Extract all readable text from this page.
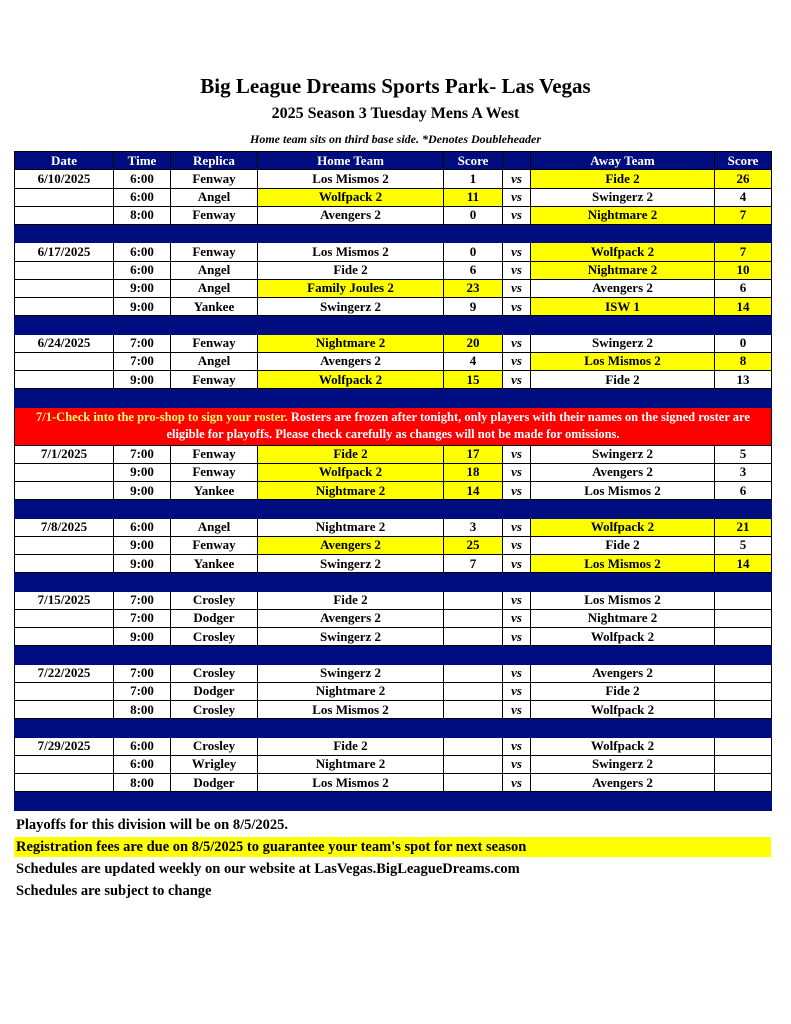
Big League Dreams Sports Park- Las Vegas
2025 Season 3 Tuesday Mens A West
Home team sits on third base side. *Denotes Doubleheader
Date	Time	Replica	Home Team	Score		Away Team	Score
6/10/2025	6:00	Fenway	Los Mismos 2	1	vs	Fide 2	26
	6:00	Angel	Wolfpack 2	11	vs	Swingerz 2	4
	8:00	Fenway	Avengers 2	0	vs	Nightmare 2	7

6/17/2025	6:00	Fenway	Los Mismos 2	0	vs	Wolfpack 2	7
	6:00	Angel	Fide 2	6	vs	Nightmare 2	10
	9:00	Angel	Family Joules 2	23	vs	Avengers 2	6
	9:00	Yankee	Swingerz 2	9	vs	ISW 1	14

6/24/2025	7:00	Fenway	Nightmare 2	20	vs	Swingerz 2	0
	7:00	Angel	Avengers 2	4	vs	Los Mismos 2	8
	9:00	Fenway	Wolfpack 2	15	vs	Fide 2	13

7/1-Check into the pro-shop to sign your roster. Rosters are frozen after tonight, only players with their names on the signed roster are eligible for playoffs. Please check carefully as changes will not be made for omissions.							
7/1/2025	7:00	Fenway	Fide 2	17	vs	Swingerz 2	5
	9:00	Fenway	Wolfpack 2	18	vs	Avengers 2	3
	9:00	Yankee	Nightmare 2	14	vs	Los Mismos 2	6

7/8/2025	6:00	Angel	Nightmare 2	3	vs	Wolfpack 2	21
	9:00	Fenway	Avengers 2	25	vs	Fide 2	5
	9:00	Yankee	Swingerz 2	7	vs	Los Mismos 2	14

7/15/2025	7:00	Crosley	Fide 2		vs	Los Mismos 2	
	7:00	Dodger	Avengers 2		vs	Nightmare 2	
	9:00	Crosley	Swingerz 2		vs	Wolfpack 2	

7/22/2025	7:00	Crosley	Swingerz 2		vs	Avengers 2	
	7:00	Dodger	Nightmare 2		vs	Fide 2	
	8:00	Crosley	Los Mismos 2		vs	Wolfpack 2	

7/29/2025	6:00	Crosley	Fide 2		vs	Wolfpack 2	
	6:00	Wrigley	Nightmare 2		vs	Swingerz 2	
	8:00	Dodger	Los Mismos 2		vs	Avengers 2	

Playoffs for this division will be on 8/5/2025.
Registration fees are due on 8/5/2025 to guarantee your team's spot for next season
Schedules are updated weekly on our website at LasVegas.BigLeagueDreams.com
Schedules are subject to change
